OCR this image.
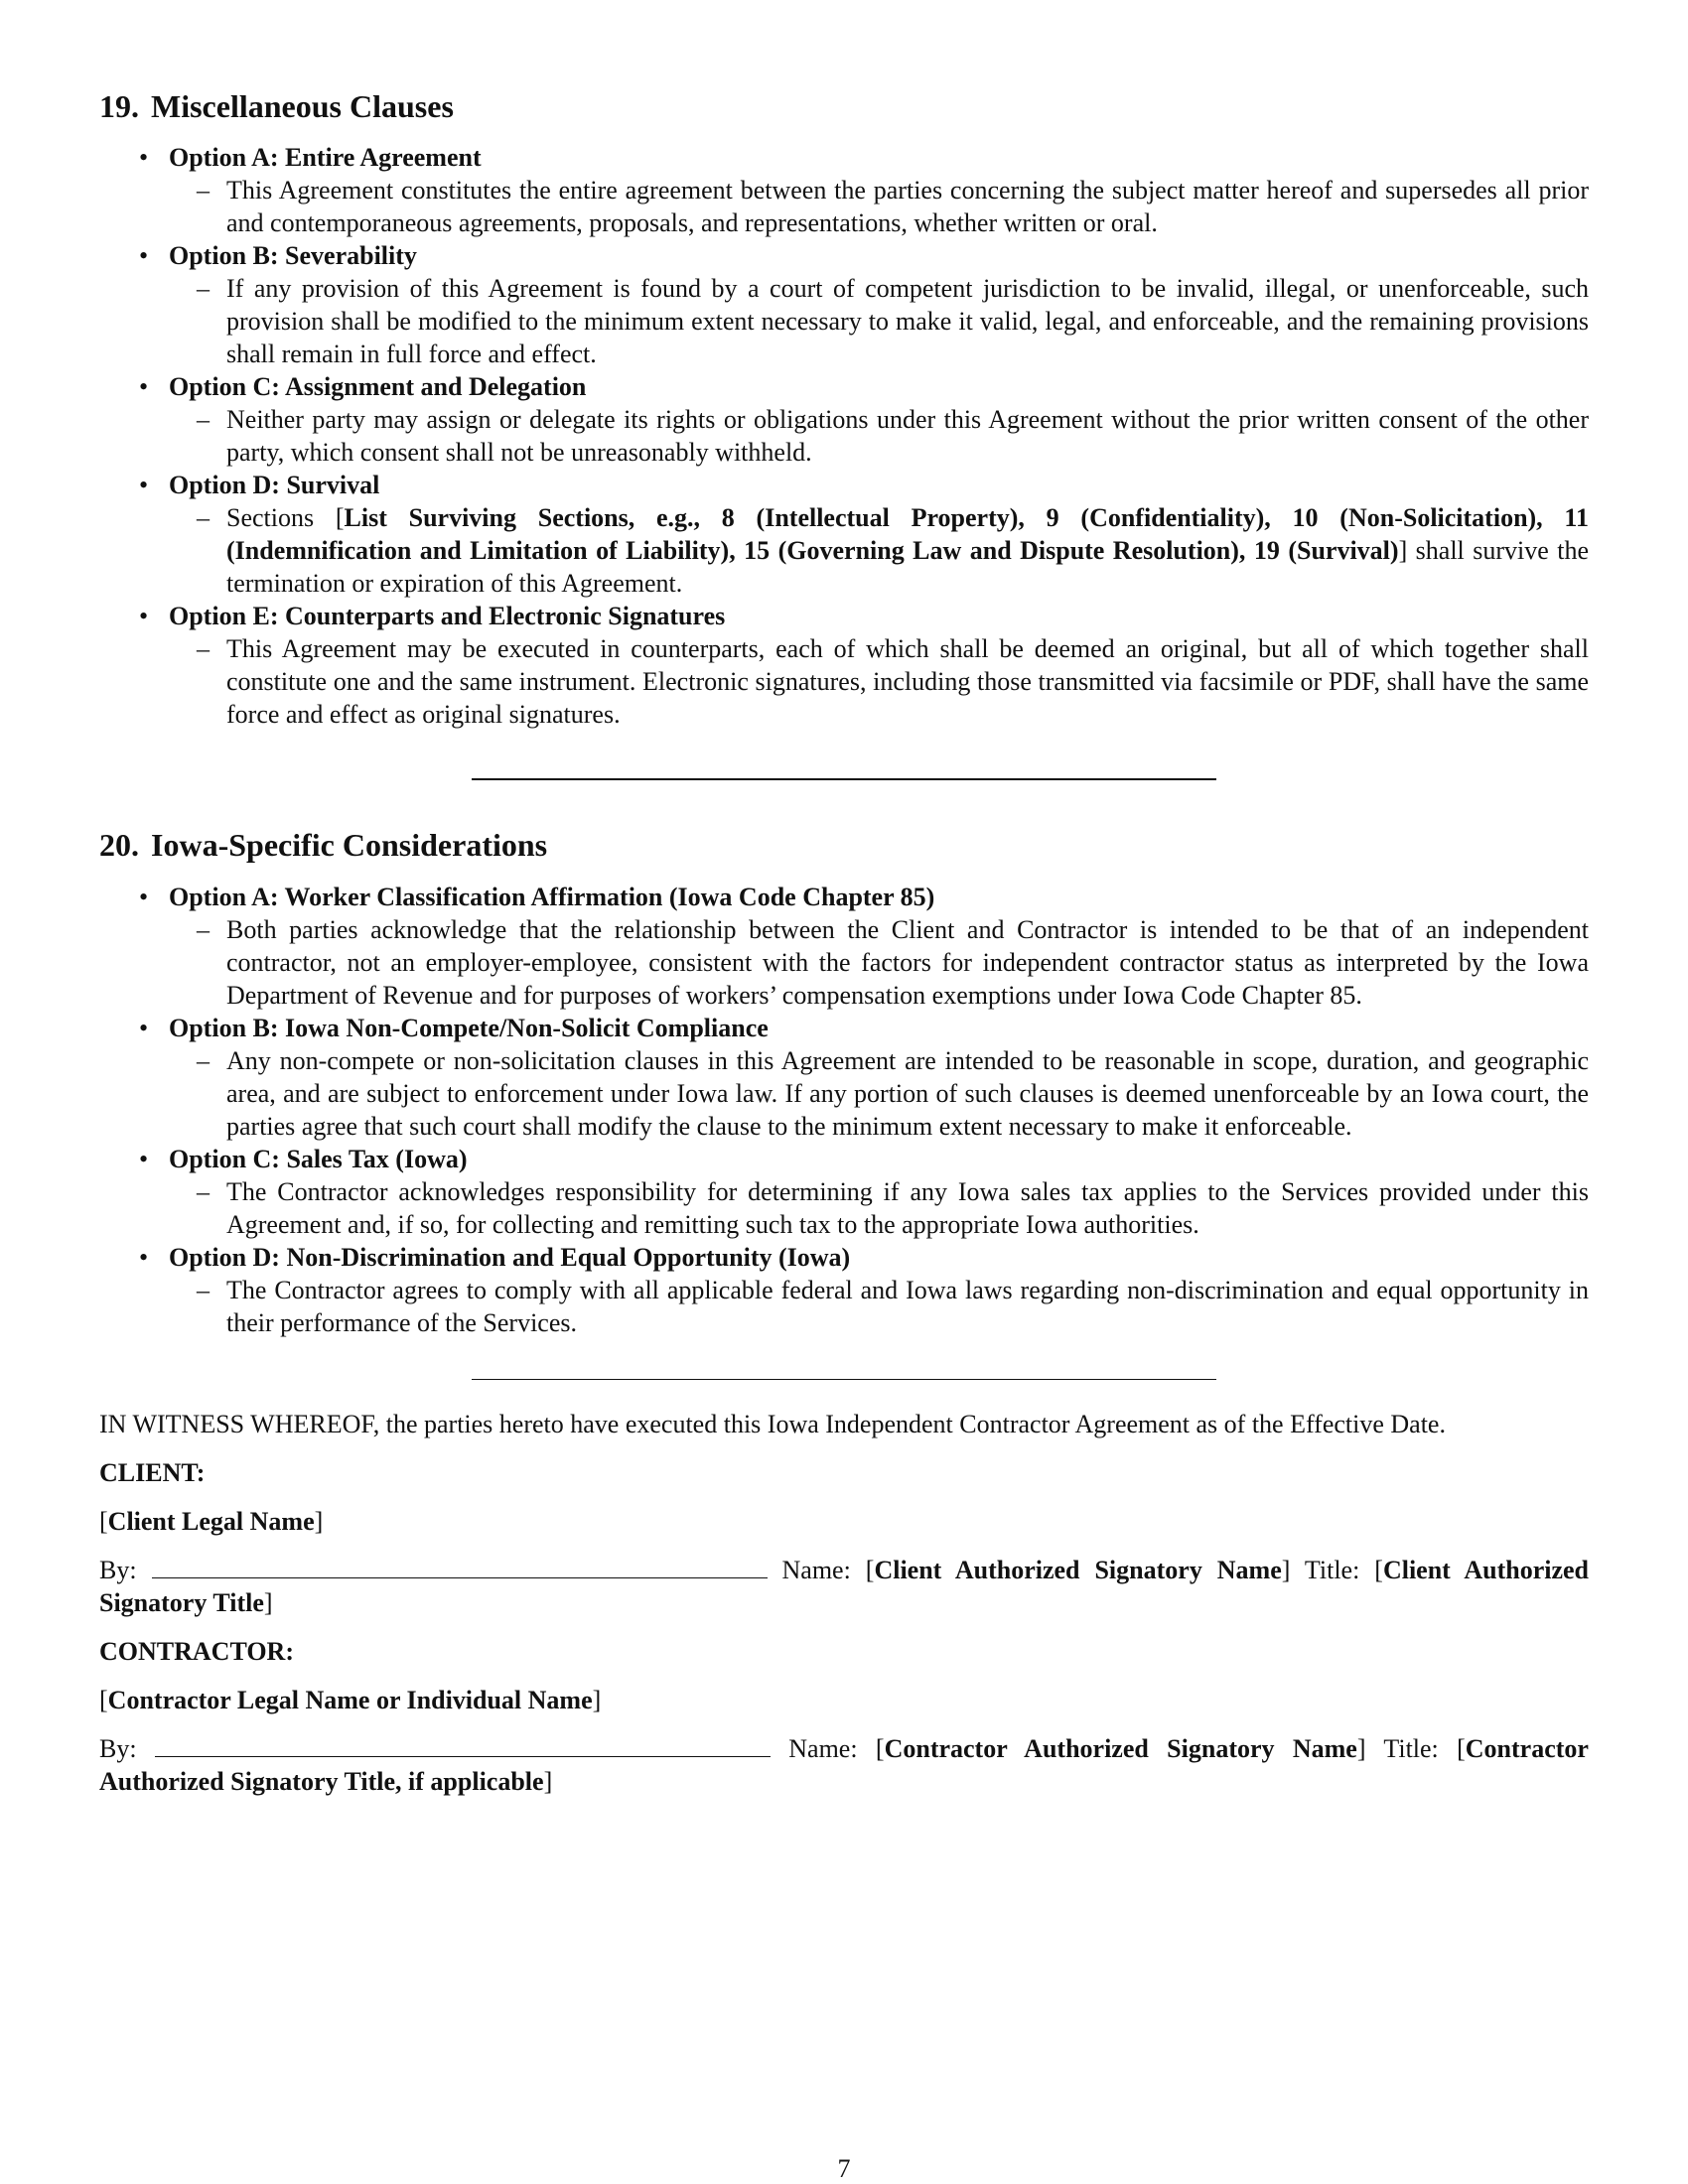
19. Miscellaneous Clauses
• Option A: Entire Agreement
– This Agreement constitutes the entire agreement between the parties concerning the subject matter hereof and supersedes all prior and contemporaneous agreements, proposals, and representations, whether written or oral.
• Option B: Severability
– If any provision of this Agreement is found by a court of competent jurisdiction to be invalid, illegal, or unenforceable, such provision shall be modified to the minimum extent necessary to make it valid, legal, and enforceable, and the remaining provisions shall remain in full force and effect.
• Option C: Assignment and Delegation
– Neither party may assign or delegate its rights or obligations under this Agreement without the prior written consent of the other party, which consent shall not be unreasonably withheld.
• Option D: Survival
– Sections [List Surviving Sections, e.g., 8 (Intellectual Property), 9 (Confidentiality), 10 (Non-Solicitation), 11 (Indemnification and Limitation of Liability), 15 (Governing Law and Dispute Resolution), 19 (Survival)] shall survive the termination or expiration of this Agreement.
• Option E: Counterparts and Electronic Signatures
– This Agreement may be executed in counterparts, each of which shall be deemed an original, but all of which together shall constitute one and the same instrument. Electronic signatures, including those transmitted via facsimile or PDF, shall have the same force and effect as original signatures.
20. Iowa-Specific Considerations
• Option A: Worker Classification Affirmation (Iowa Code Chapter 85)
– Both parties acknowledge that the relationship between the Client and Contractor is intended to be that of an independent contractor, not an employer-employee, consistent with the factors for independent contractor status as interpreted by the Iowa Department of Revenue and for purposes of workers’ compensation exemptions under Iowa Code Chapter 85.
• Option B: Iowa Non-Compete/Non-Solicit Compliance
– Any non-compete or non-solicitation clauses in this Agreement are intended to be reasonable in scope, duration, and geographic area, and are subject to enforcement under Iowa law. If any portion of such clauses is deemed unenforceable by an Iowa court, the parties agree that such court shall modify the clause to the minimum extent necessary to make it enforceable.
• Option C: Sales Tax (Iowa)
– The Contractor acknowledges responsibility for determining if any Iowa sales tax applies to the Services provided under this Agreement and, if so, for collecting and remitting such tax to the appropriate Iowa authorities.
• Option D: Non-Discrimination and Equal Opportunity (Iowa)
– The Contractor agrees to comply with all applicable federal and Iowa laws regarding non-discrimination and equal opportunity in their performance of the Services.

IN WITNESS WHEREOF, the parties hereto have executed this Iowa Independent Contractor Agreement as of the Effective Date.

CLIENT:
[Client Legal Name]
By:	Name: [Client Authorized Signatory Name] Title: [Client Authorized Signatory Title]
CONTRACTOR:
[Contractor Legal Name or Individual Name]
By:	Name: [Contractor Authorized Signatory Name] Title: [Contractor Authorized Signatory Title, if applicable]
7
